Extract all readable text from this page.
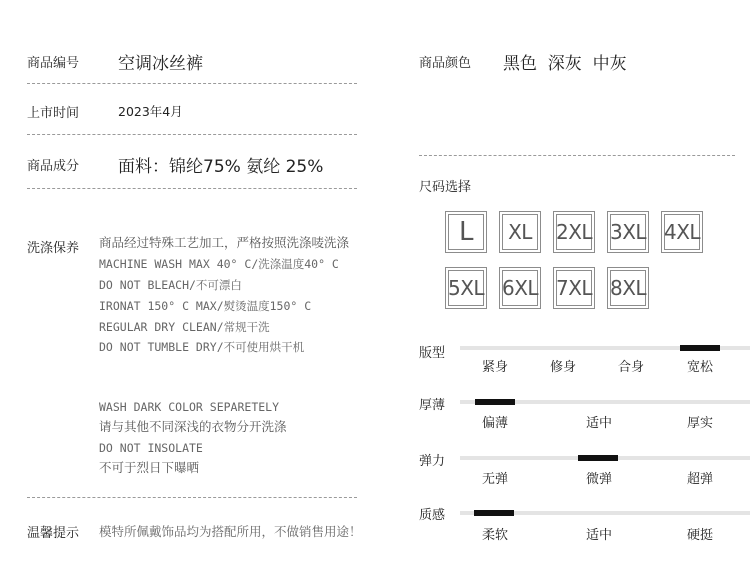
商品编号 空调冰丝裤
上市时间	2023年4月
商品成分 面料：锦纶75% 氨纶 25%
洗涤保养 商品经过特殊工艺加工，严格按照洗涤唛洗涤
MACHINE WASH MAX 40° C/洗涤温度40° C
DO NOT BLEACH/不可漂白
IRONAT 150° C MAX/熨烫温度150° C
REGULAR DRY CLEAN/常规干洗
DO NOT TUMBLE DRY/不可使用烘干机
WASH DARK COLOR SEPARETELY
请与其他不同深浅的衣物分开洗涤
DO NOT INSOLATE
不可于烈日下曝晒
温馨提示 模特所佩戴饰品均为搭配所用，不做销售用途！
商品颜色 黑色  深灰  中灰
尺码选择
L	XL	2XL 3XL 4XL
5XL 6XL 7XL 8XL
版型
紧身	修身	合身	宽松
厚薄
偏薄	适中	厚实
弹力
无弹	微弹	超弹
质感
柔软	适中	硬挺
